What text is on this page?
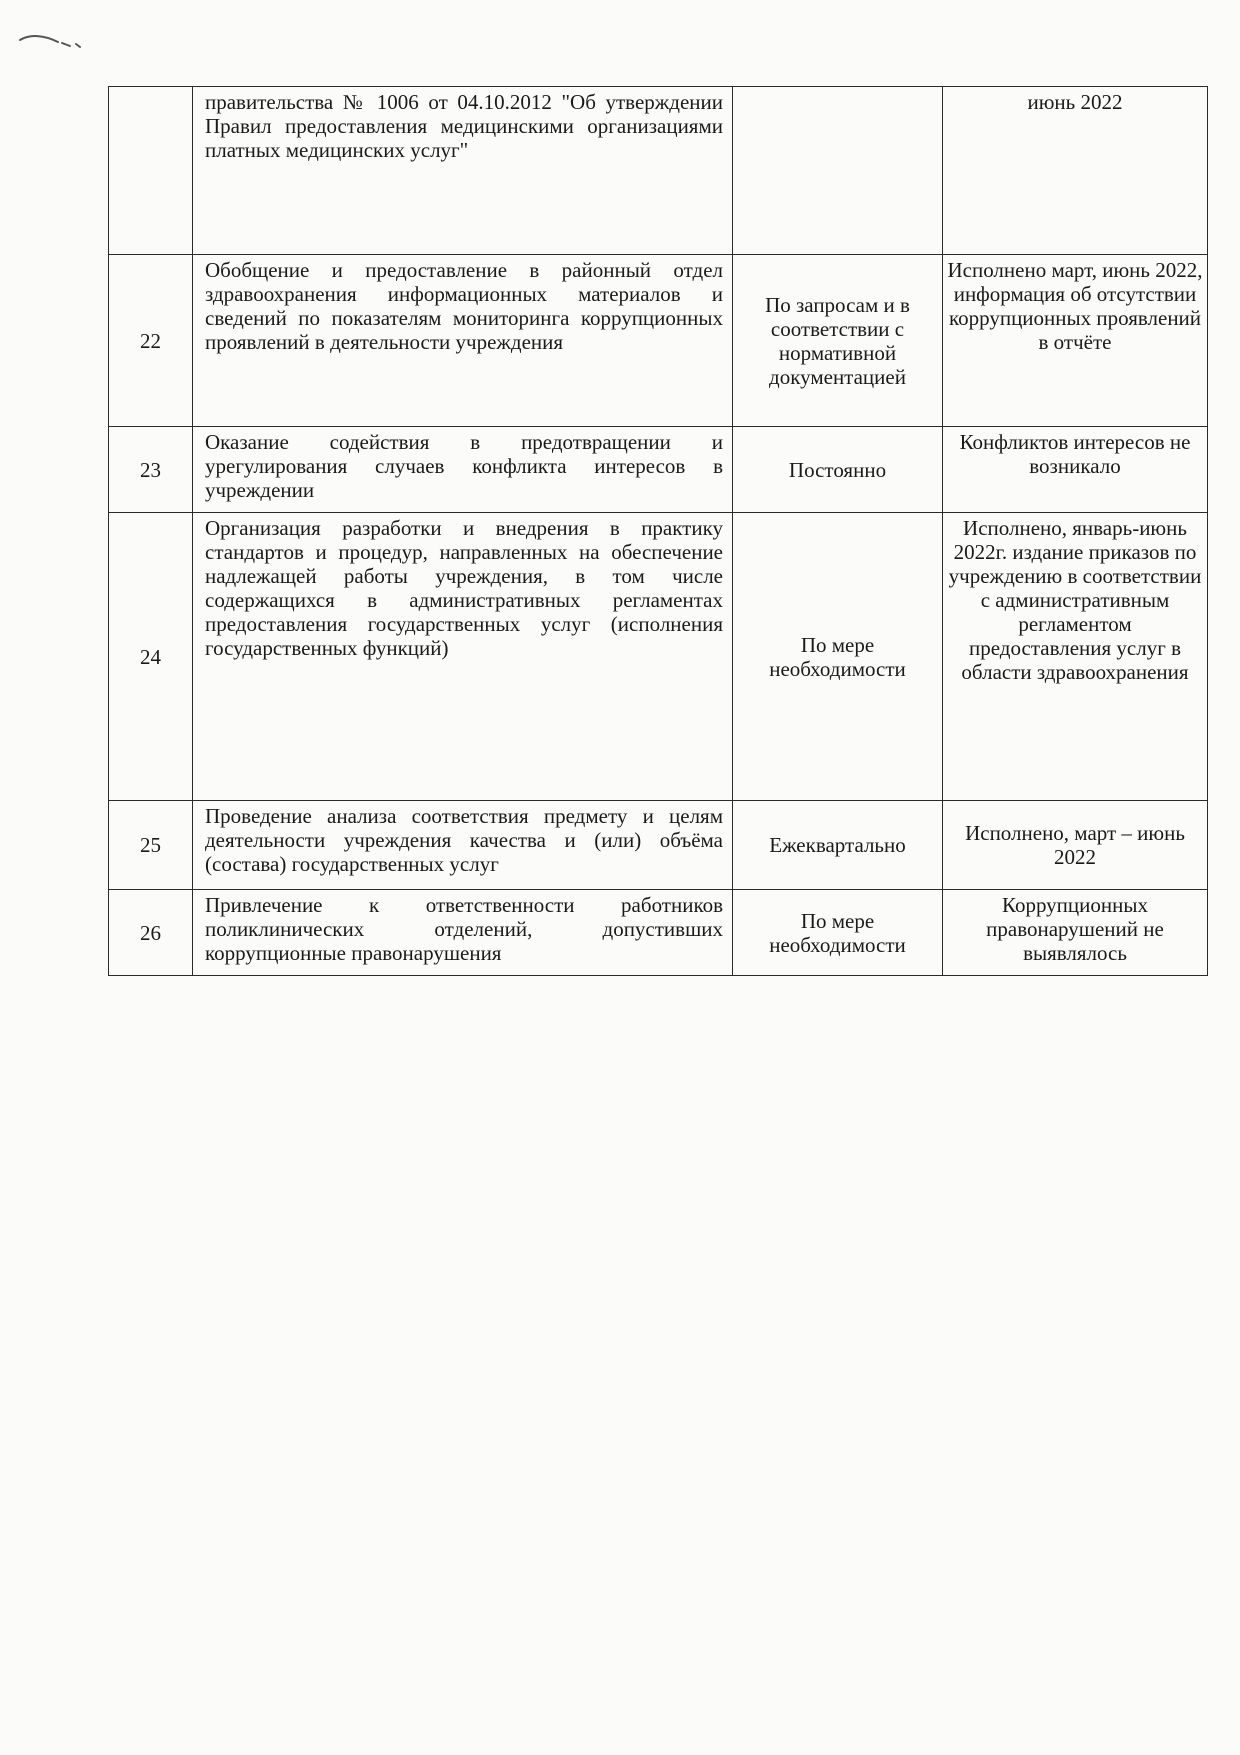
	правительства № 1006 от 04.10.2012 "Об утверждении Правил предоставления медицинскими организациями платных медицинских услуг"		июнь 2022
22	Обобщение и предоставление в районный отдел здравоохранения информационных материалов и сведений по показателям мониторинга коррупционных проявлений в деятельности учреждения	По запросам и в соответствии с нормативной документацией	Исполнено март, июнь 2022, информация об отсутствии коррупционных проявлений в отчёте
23	Оказание содействия в предотвращении и урегулирования случаев конфликта интересов в учреждении	Постоянно	Конфликтов интересов не возникало
24	Организация разработки и внедрения в практику стандартов и процедур, направленных на обеспечение надлежащей работы учреждения, в том числе содержащихся в административных регламентах предоставления государственных услуг (исполнения государственных функций)	По мере необходимости	Исполнено, январь-июнь 2022г. издание приказов по учреждению в соответствии с административным регламентом предоставления услуг в области здравоохранения
25	Проведение анализа соответствия предмету и целям деятельности учреждения качества и (или) объёма (состава) государственных услуг	Ежеквартально	Исполнено, март – июнь 2022
26	Привлечение к ответственности работников поликлинических отделений, допустивших коррупционные правонарушения	По мере необходимости	Коррупционных правонарушений не выявлялось
